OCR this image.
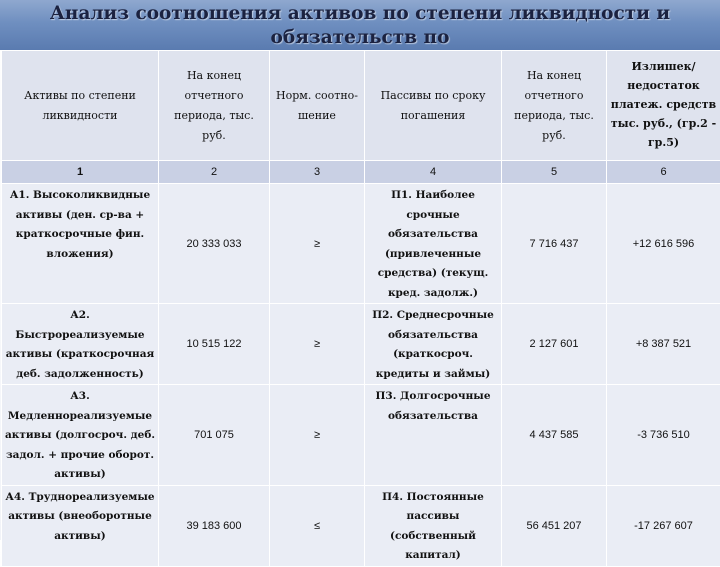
Анализ соотношения активов по степени ликвидности и обязательств по
Активы по степени ликвидности	На конец отчетного периода, тыс. руб.	Норм. соотно-шение	Пассивы по сроку погашения	На конец отчетного периода, тыс. руб.	Излишек/ недостаток платеж. средств тыс. руб., (гр.2 - гр.5)
1	2	3	4	5	6
А1. Высоколиквидные активы (ден. ср-ва + краткосрочные фин. вложения)	20 333 033	≥	П1. Наиболее срочные обязательства (привлеченные средства) (текущ. кред. задолж.)	7 716 437	+12 616 596
А2. Быстрореализуемые активы (краткосрочная деб. задолженность)	10 515 122	≥	П2. Среднесрочные обязательства (краткосроч. кредиты и займы)	2 127 601	+8 387 521
А3. Медленнореализуемые активы (долгосроч. деб. задол. + прочие оборот. активы)	701 075	≥	П3. Долгосрочные обязательства	4 437 585	-3 736 510
А4. Труднореализуемые активы (внеоборотные активы)	39 183 600	≤	П4. Постоянные пассивы (собственный капитал)	56 451 207	-17 267 607
